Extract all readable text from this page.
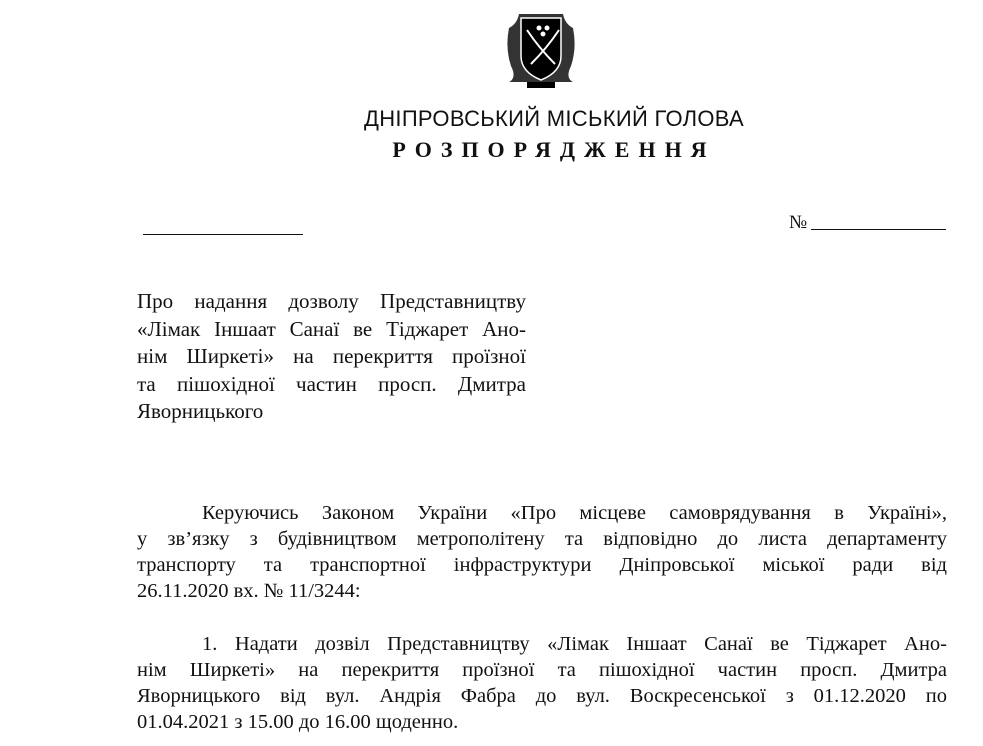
ДНІПРОВСЬКИЙ МІСЬКИЙ ГОЛОВА
РОЗПОРЯДЖЕННЯ
№
Про надання дозволу Представництву
«Лімак Іншаат Санаї ве Тіджарет Ано-
нім Ширкеті» на перекриття проїзної
та пішохідної частин просп. Дмитра
Яворницького
Керуючись Законом України «Про місцеве самоврядування в Україні»,
у зв’язку з будівництвом метрополітену та відповідно до листа департаменту
транспорту та транспортної інфраструктури Дніпровської міської ради від
26.11.2020 вх. № 11/3244:
1. Надати дозвіл Представництву «Лімак Іншаат Санаї ве Тіджарет Ано-
нім Ширкеті» на перекриття проїзної та пішохідної частин просп. Дмитра
Яворницького від вул. Андрія Фабра до вул. Воскресенської з 01.12.2020 по
01.04.2021 з 15.00 до 16.00 щоденно.
